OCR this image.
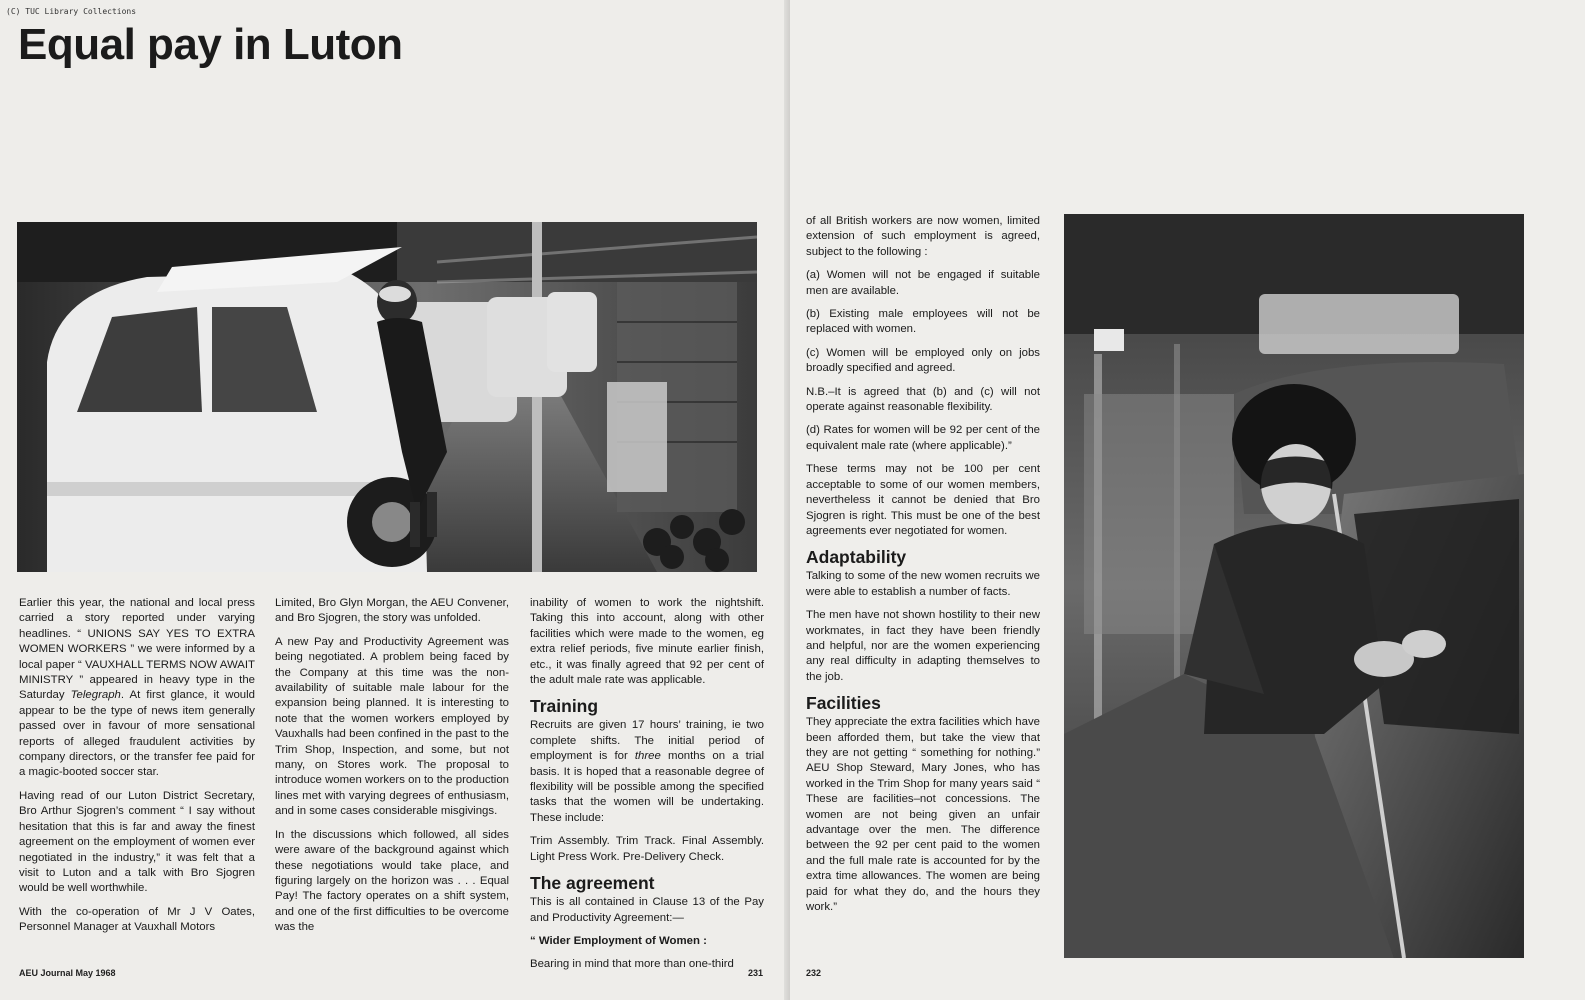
(C) TUC Library Collections
Equal pay in Luton

Earlier this year, the national and local press carried a story reported under varying headlines. “ UNIONS SAY YES TO EXTRA WOMEN WORKERS ” we were informed by a local paper “ VAUXHALL TERMS NOW AWAIT MINISTRY ” appeared in heavy type in the Saturday Telegraph. At first glance, it would appear to be the type of news item generally passed over in favour of more sensational reports of alleged fraudulent activities by company directors, or the transfer fee paid for a magic-booted soccer star.

Having read of our Luton District Secretary, Bro Arthur Sjogren’s comment “ I say without hesitation that this is far and away the finest agreement on the employment of women ever negotiated in the industry,” it was felt that a visit to Luton and a talk with Bro Sjogren would be well worthwhile.

With the co-operation of Mr J V Oates, Personnel Manager at Vauxhall Motors

Limited, Bro Glyn Morgan, the AEU Convener, and Bro Sjogren, the story was unfolded.

A new Pay and Productivity Agreement was being negotiated. A problem being faced by the Company at this time was the non-availability of suitable male labour for the expansion being planned. It is interesting to note that the women workers employed by Vauxhalls had been confined in the past to the Trim Shop, Inspection, and some, but not many, on Stores work. The proposal to introduce women workers on to the production lines met with varying degrees of enthusiasm, and in some cases considerable misgivings.

In the discussions which followed, all sides were aware of the background against which these negotiations would take place, and figuring largely on the horizon was . . . Equal Pay! The factory operates on a shift system, and one of the first difficulties to be overcome was the

inability of women to work the nightshift. Taking this into account, along with other facilities which were made to the women, eg extra relief periods, five minute earlier finish, etc., it was finally agreed that 92 per cent of the adult male rate was applicable.

Training

Recruits are given 17 hours’ training, ie two complete shifts. The initial period of employment is for three months on a trial basis. It is hoped that a reasonable degree of flexibility will be possible among the specified tasks that the women will be undertaking. These include:

Trim Assembly. Trim Track. Final Assembly. Light Press Work. Pre-Delivery Check.

The agreement

This is all contained in Clause 13 of the Pay and Productivity Agreement:—

“ Wider Employment of Women :

Bearing in mind that more than one-third

AEU Journal May 1968	231

of all British workers are now women, limited extension of such employment is agreed, subject to the following :

(a) Women will not be engaged if suitable men are available.

(b) Existing male employees will not be replaced with women.

(c) Women will be employed only on jobs broadly specified and agreed.

N.B.–It is agreed that (b) and (c) will not operate against reasonable flexibility.

(d) Rates for women will be 92 per cent of the equivalent male rate (where applicable).”

These terms may not be 100 per cent acceptable to some of our women members, nevertheless it cannot be denied that Bro Sjogren is right. This must be one of the best agreements ever negotiated for women.

Adaptability

Talking to some of the new women recruits we were able to establish a number of facts.

The men have not shown hostility to their new workmates, in fact they have been friendly and helpful, nor are the women experiencing any real difficulty in adapting themselves to the job.

Facilities

They appreciate the extra facilities which have been afforded them, but take the view that they are not getting “ something for nothing.” AEU Shop Steward, Mary Jones, who has worked in the Trim Shop for many years said “ These are facilities–not concessions. The women are not being given an unfair advantage over the men. The difference between the 92 per cent paid to the women and the full male rate is accounted for by the extra time allowances. The women are being paid for what they do, and the hours they work.”

232
